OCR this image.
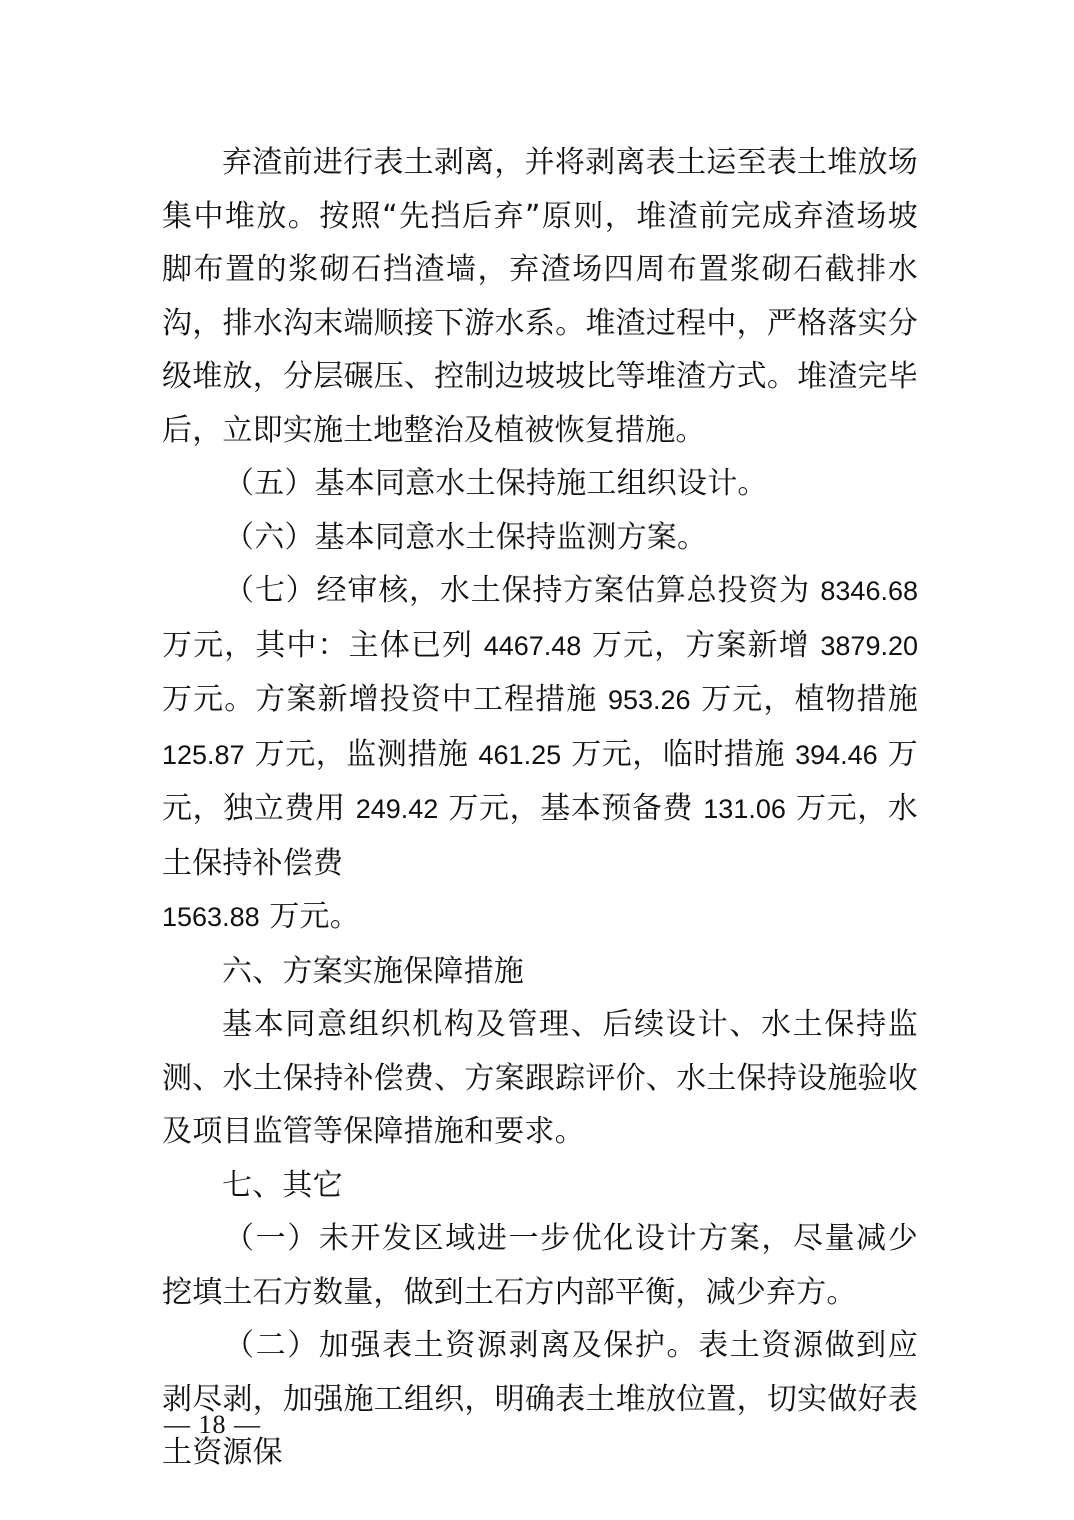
弃渣前进行表土剥离，并将剥离表土运至表土堆放场集中堆放。按照“先挡后弃”原则，堆渣前完成弃渣场坡脚布置的浆砌石挡渣墙，弃渣场四周布置浆砌石截排水沟，排水沟末端顺接下游水系。堆渣过程中，严格落实分级堆放，分层碾压、控制边坡坡比等堆渣方式。堆渣完毕后，立即实施土地整治及植被恢复措施。

（五）基本同意水土保持施工组织设计。

（六）基本同意水土保持监测方案。

（七）经审核，水土保持方案估算总投资为 8346.68 万元，其中：主体已列 4467.48 万元，方案新增 3879.20 万元。方案新增投资中工程措施 953.26 万元，植物措施 125.87 万元，监测措施 461.25 万元，临时措施 394.46 万元，独立费用 249.42 万元，基本预备费 131.06 万元，水土保持补偿费
1563.88 万元。

六、方案实施保障措施

基本同意组织机构及管理、后续设计、水土保持监测、水土保持补偿费、方案跟踪评价、水土保持设施验收及项目监管等保障措施和要求。

七、其它

（一）未开发区域进一步优化设计方案，尽量减少挖填土石方数量，做到土石方内部平衡，减少弃方。

（二）加强表土资源剥离及保护。表土资源做到应剥尽剥，加强施工组织，明确表土堆放位置，切实做好表土资源保

— 18 —
